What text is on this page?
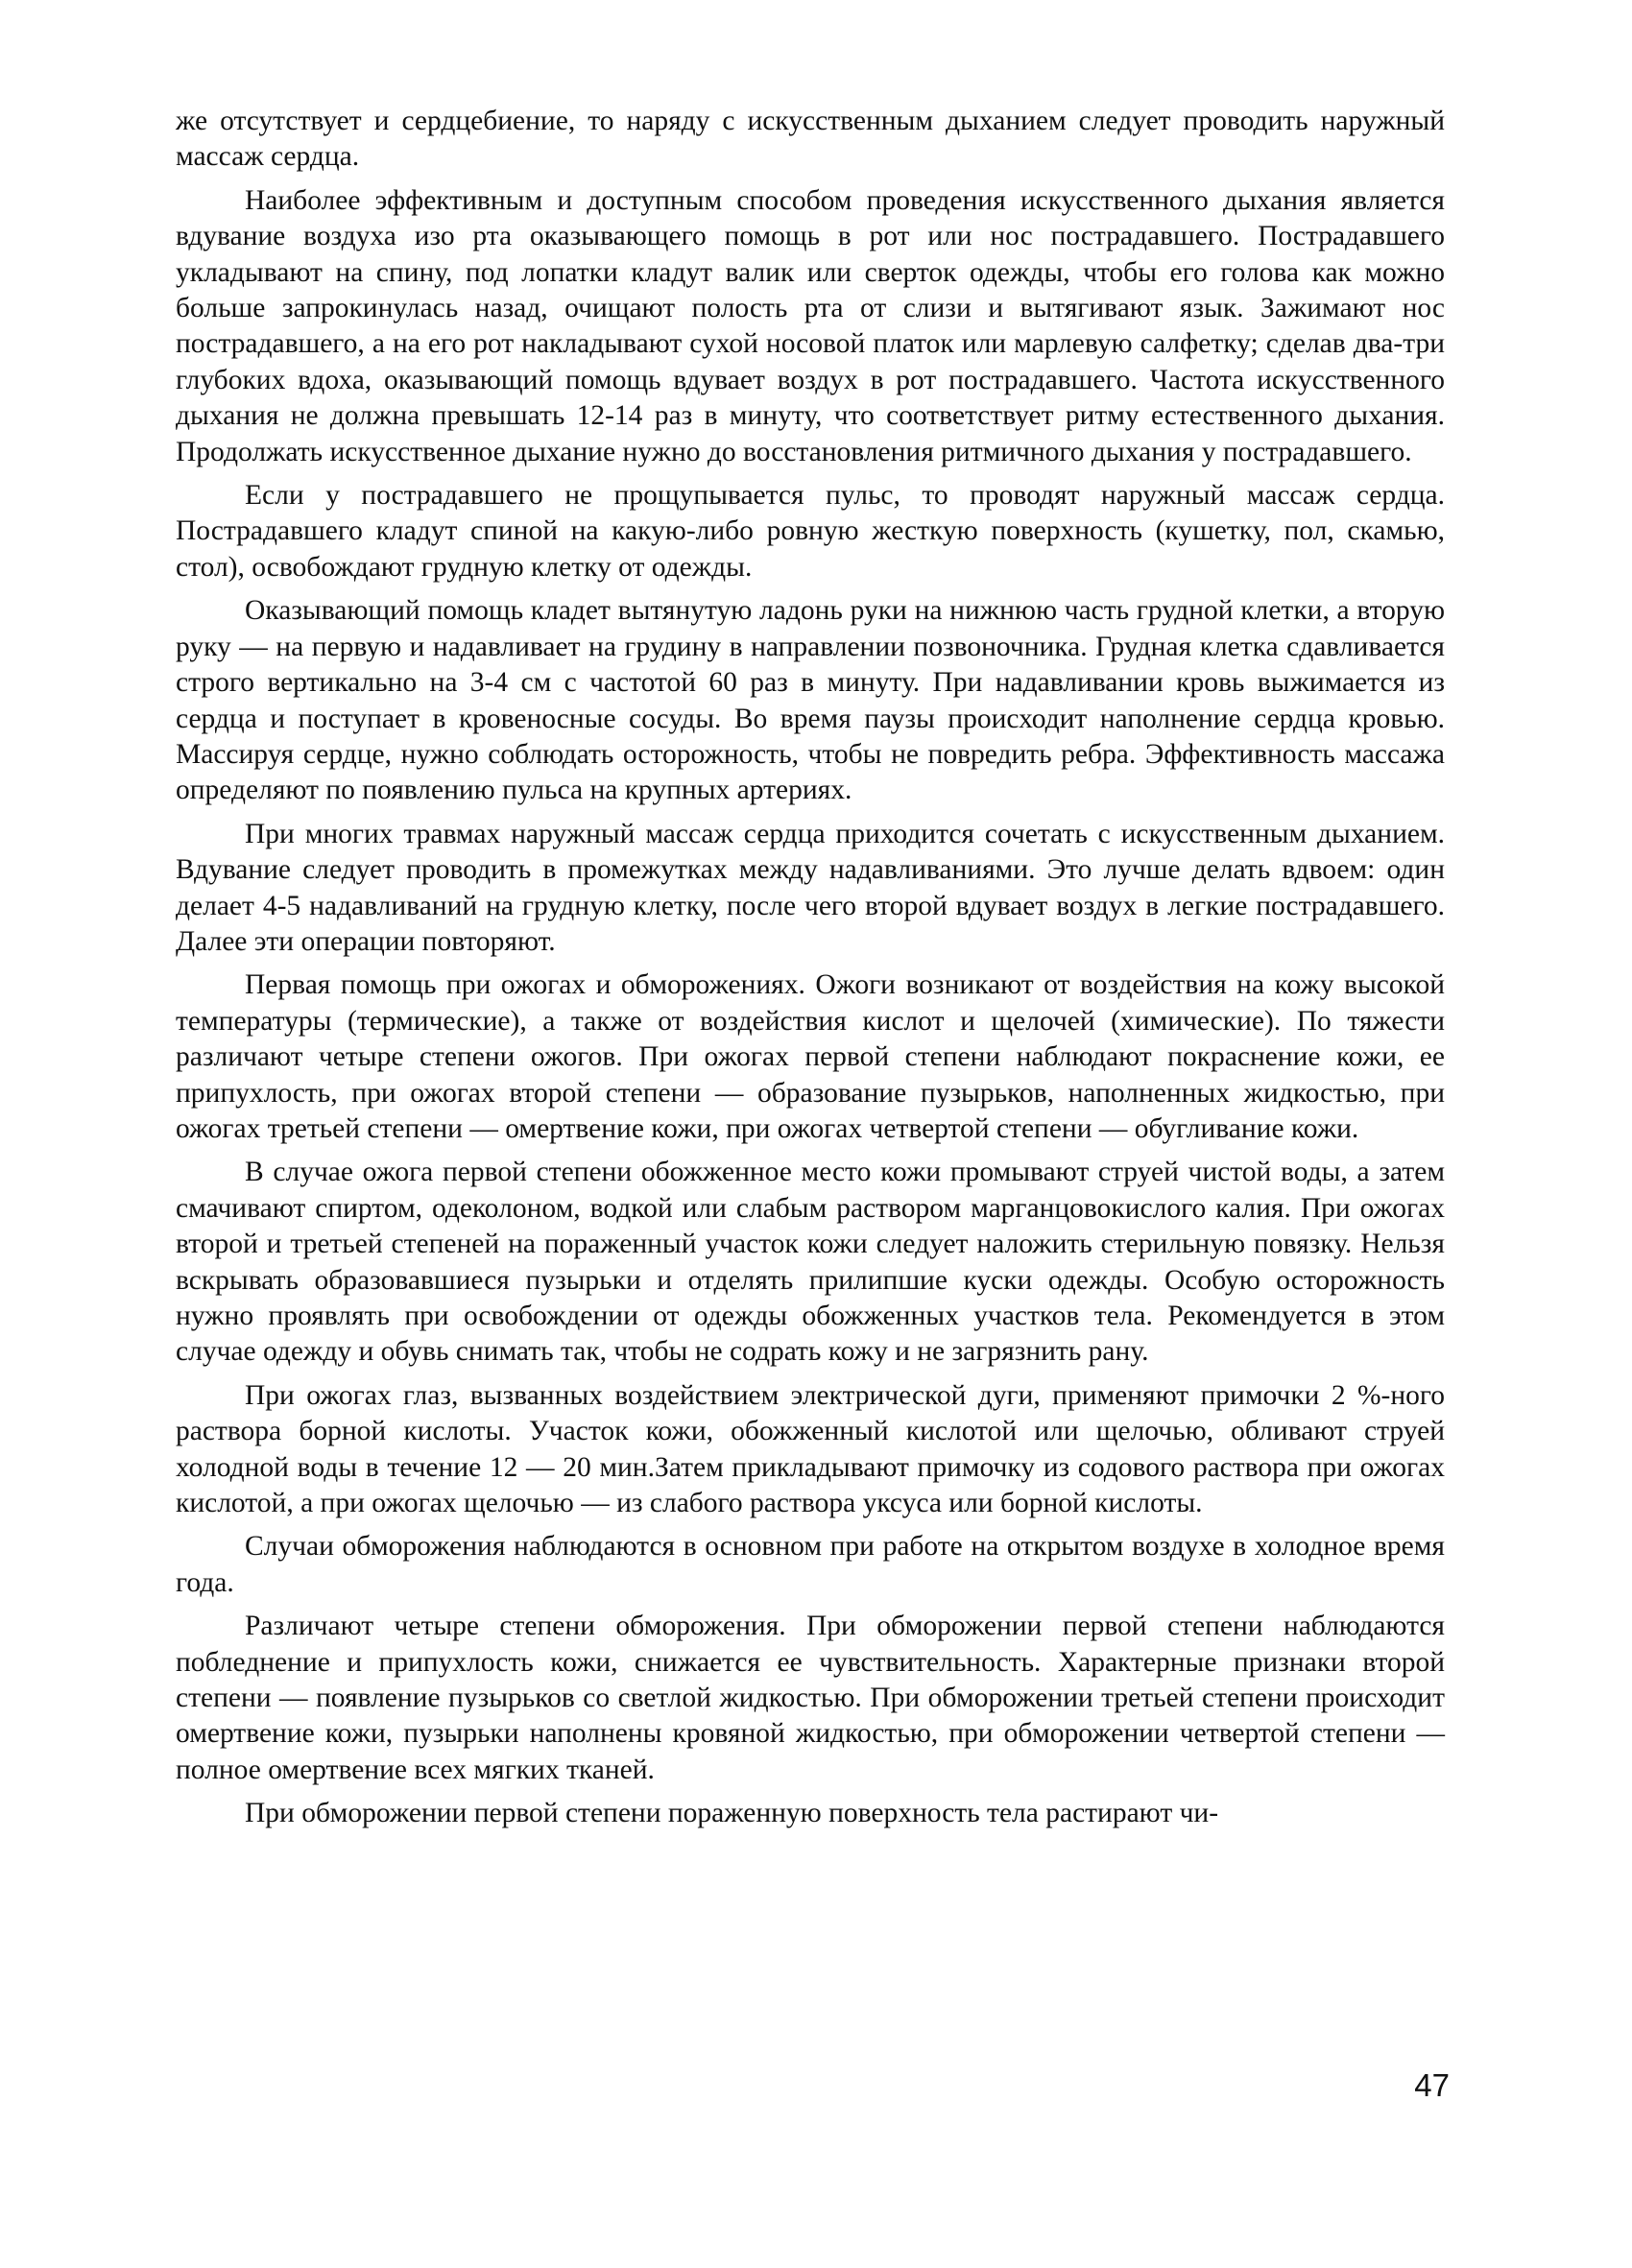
же отсутствует и сердцебиение, то наряду с искусственным дыханием следует проводить наружный массаж сердца.

Наиболее эффективным и доступным способом проведения искусственного дыхания является вдувание воздуха изо рта оказывающего помощь в рот или нос пострадавшего. Пострадавшего укладывают на спину, под лопатки кладут валик или сверток одежды, чтобы его голова как можно больше запрокинулась назад, очищают полость рта от слизи и вытягивают язык. Зажимают нос пострадавшего, а на его рот накладывают сухой носовой платок или марлевую салфетку; сделав два-три глубоких вдоха, оказывающий помощь вдувает воздух в рот пострадавшего. Частота искусственного дыхания не должна превышать 12-14 раз в минуту, что соответствует ритму естественного дыхания. Продолжать искусственное дыхание нужно до восстановления ритмичного дыхания у пострадавшего.

Если у пострадавшего не прощупывается пульс, то проводят наружный массаж сердца. Пострадавшего кладут спиной на какую-либо ровную жесткую поверхность (кушетку, пол, скамью, стол), освобождают грудную клетку от одежды.

Оказывающий помощь кладет вытянутую ладонь руки на нижнюю часть грудной клетки, а вторую руку — на первую и надавливает на грудину в направлении позвоночника. Грудная клетка сдавливается строго вертикально на 3-4 см с частотой 60 раз в минуту. При надавливании кровь выжимается из сердца и поступает в кровеносные сосуды. Во время паузы происходит наполнение сердца кровью. Массируя сердце, нужно соблюдать осторожность, чтобы не повредить ребра. Эффективность массажа определяют по появлению пульса на крупных артериях.

При многих травмах наружный массаж сердца приходится сочетать с искусственным дыханием. Вдувание следует проводить в промежутках между надавливаниями. Это лучше делать вдвоем: один делает 4-5 надавливаний на грудную клетку, после чего второй вдувает воздух в легкие пострадавшего. Далее эти операции повторяют.

Первая помощь при ожогах и обморожениях. Ожоги возникают от воздействия на кожу высокой температуры (термические), а также от воздействия кислот и щелочей (химические). По тяжести различают четыре степени ожогов. При ожогах первой степени наблюдают покраснение кожи, ее припухлость, при ожогах второй степени — образование пузырьков, наполненных жидкостью, при ожогах третьей степени — омертвение кожи, при ожогах четвертой степени — обугливание кожи.

В случае ожога первой степени обожженное место кожи промывают струей чистой воды, а затем смачивают спиртом, одеколоном, водкой или слабым раствором марганцовокислого калия. При ожогах второй и третьей степеней на пораженный участок кожи следует наложить стерильную повязку. Нельзя вскрывать образовавшиеся пузырьки и отделять прилипшие куски одежды. Особую осторожность нужно проявлять при освобождении от одежды обожженных участков тела. Рекомендуется в этом случае одежду и обувь снимать так, чтобы не содрать кожу и не загрязнить рану.

При ожогах глаз, вызванных воздействием электрической дуги, применяют примочки 2 %-ного раствора борной кислоты. Участок кожи, обожженный кислотой или щелочью, обливают струей холодной воды в течение 12 — 20 мин.Затем прикладывают примочку из содового раствора при ожогах кислотой, а при ожогах щелочью — из слабого раствора уксуса или борной кислоты.

Случаи обморожения наблюдаются в основном при работе на открытом воздухе в холодное время года.

Различают четыре степени обморожения. При обморожении первой степени наблюдаются побледнение и припухлость кожи, снижается ее чувствительность. Характерные признаки второй степени — появление пузырьков со светлой жидкостью. При обморожении третьей степени происходит омертвение кожи, пузырьки наполнены кровяной жидкостью, при обморожении четвертой степени — полное омертвение всех мягких тканей.

При обморожении первой степени пораженную поверхность тела растирают чи-

47
